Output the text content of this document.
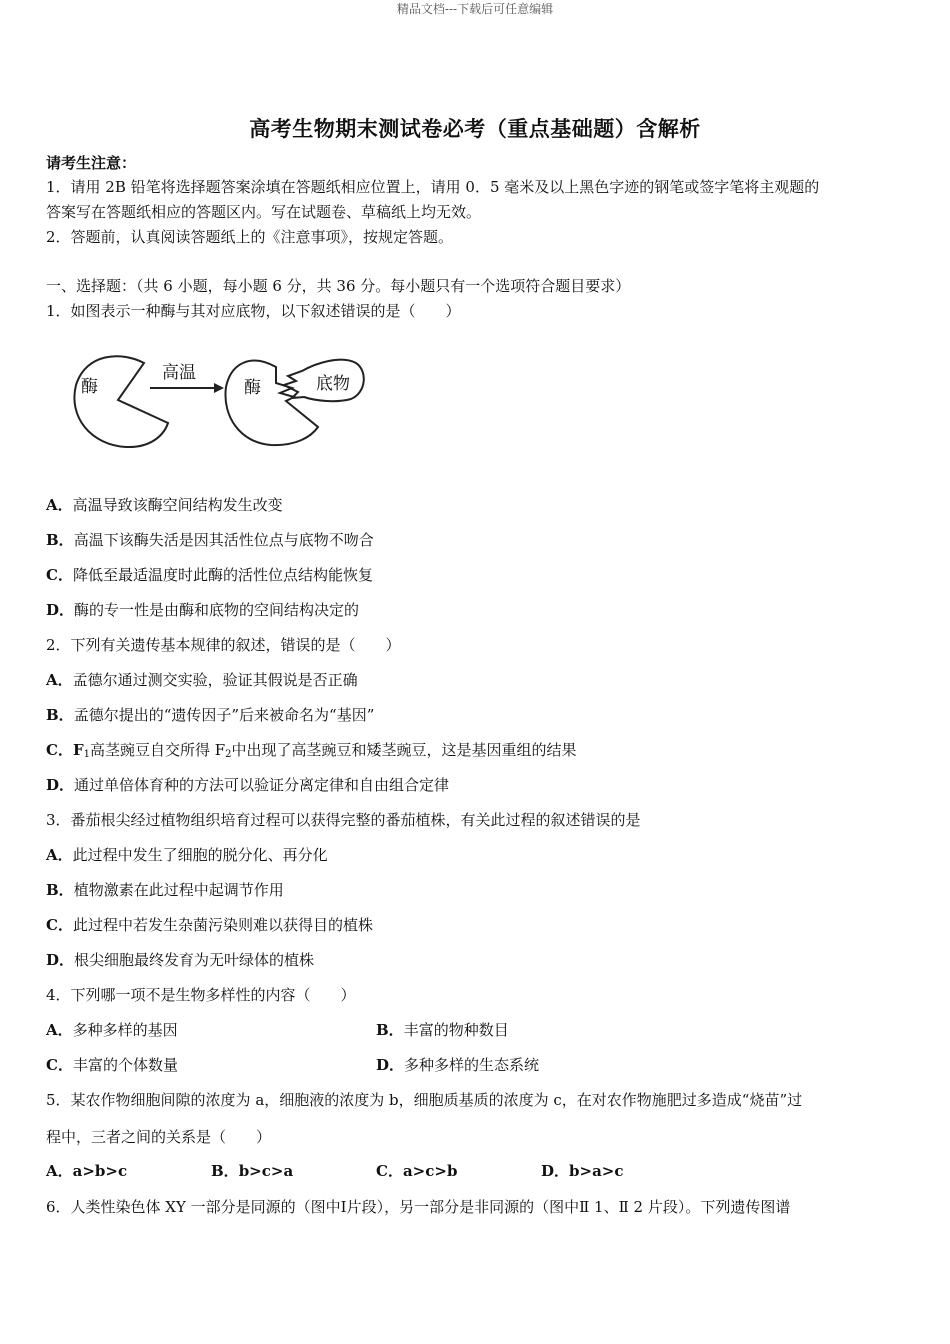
精品文档---下载后可任意编辑
高考生物期末测试卷必考（重点基础题）含解析
请考生注意：
1．请用 2B 铅笔将选择题答案涂填在答题纸相应位置上，请用 0．5 毫米及以上黑色字迹的钢笔或签字笔将主观题的
答案写在答题纸相应的答题区内。写在试题卷、草稿纸上均无效。
2．答题前，认真阅读答题纸上的《注意事项》，按规定答题。
一、选择题：（共 6 小题，每小题 6 分，共 36 分。每小题只有一个选项符合题目要求）
1．如图表示一种酶与其对应底物，以下叙述错误的是（　　）
酶
高温
酶	底物
A．高温导致该酶空间结构发生改变
B．高温下该酶失活是因其活性位点与底物不吻合
C．降低至最适温度时此酶的活性位点结构能恢复
D．酶的专一性是由酶和底物的空间结构决定的
2．下列有关遗传基本规律的叙述，错误的是（　　）
A．孟德尔通过测交实验，验证其假说是否正确
B．孟德尔提出的“遗传因子”后来被命名为“基因”
C．$F_1$高茎豌豆自交所得 $F_2$中出现了高茎豌豆和矮茎豌豆，这是基因重组的结果
D．通过单倍体育种的方法可以验证分离定律和自由组合定律
3．番茄根尖经过植物组织培育过程可以获得完整的番茄植株，有关此过程的叙述错误的是
A．此过程中发生了细胞的脱分化、再分化
B．植物激素在此过程中起调节作用
C．此过程中若发生杂菌污染则难以获得目的植株
D．根尖细胞最终发育为无叶绿体的植株
4．下列哪一项不是生物多样性的内容（　　）
A．多种多样的基因	B．丰富的物种数目
C．丰富的个体数量	D．多种多样的生态系统
5．某农作物细胞间隙的浓度为 a，细胞液的浓度为 b，细胞质基质的浓度为 c，在对农作物施肥过多造成“烧苗”过
程中，三者之间的关系是（　　）
A．a>b>c	B．b>c>a	C．a>c>b	D．b>a>c
6．人类性染色体 XY 一部分是同源的（图中Ⅰ片段），另一部分是非同源的（图中Ⅱ 1、Ⅱ 2 片段）。下列遗传图谱
